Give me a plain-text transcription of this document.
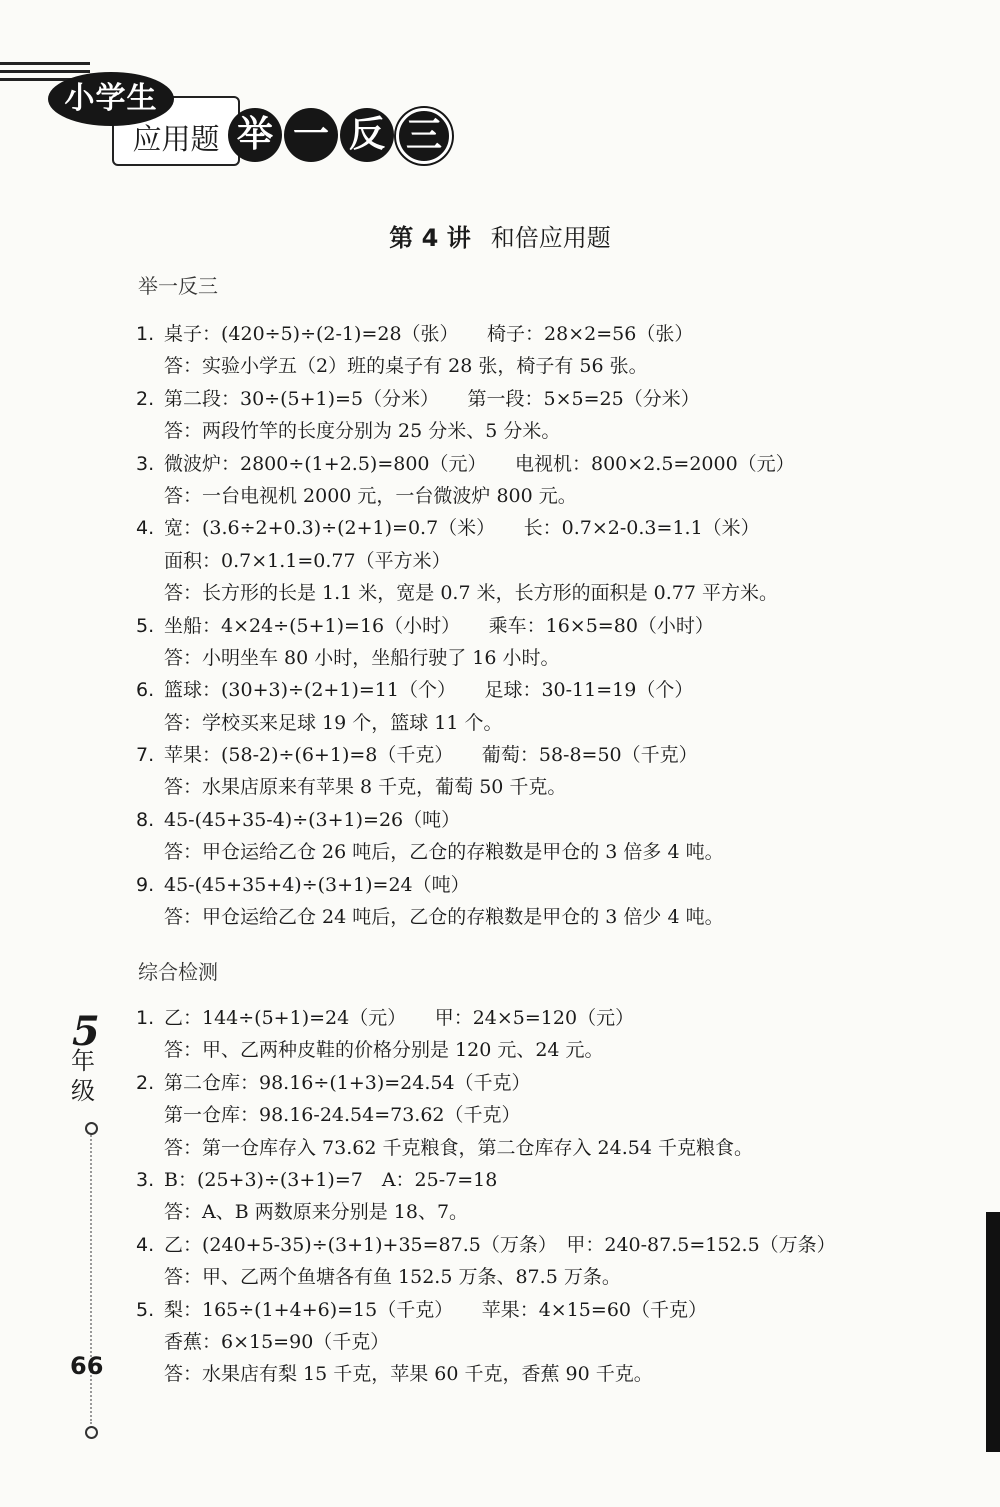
应用题
小学生
举 一 反 三
第 4 讲 和倍应用题
举一反三
1. 桌子：(420÷5)÷(2-1)=28（张）　　椅子：28×2=56（张）
答：实验小学五（2）班的桌子有 28 张，椅子有 56 张。
2. 第二段：30÷(5+1)=5（分米）　　第一段：5×5=25（分米）
答：两段竹竿的长度分别为 25 分米、5 分米。
3. 微波炉：2800÷(1+2.5)=800（元）　　电视机：800×2.5=2000（元）
答：一台电视机 2000 元，一台微波炉 800 元。
4. 宽：(3.6÷2+0.3)÷(2+1)=0.7（米）　　长：0.7×2-0.3=1.1（米）
面积：0.7×1.1=0.77（平方米）
答：长方形的长是 1.1 米，宽是 0.7 米，长方形的面积是 0.77 平方米。
5. 坐船：4×24÷(5+1)=16（小时）　　乘车：16×5=80（小时）
答：小明坐车 80 小时，坐船行驶了 16 小时。
6. 篮球：(30+3)÷(2+1)=11（个）　　足球：30-11=19（个）
答：学校买来足球 19 个，篮球 11 个。
7. 苹果：(58-2)÷(6+1)=8（千克）　　葡萄：58-8=50（千克）
答：水果店原来有苹果 8 千克，葡萄 50 千克。
8. 45-(45+35-4)÷(3+1)=26（吨）
答：甲仓运给乙仓 26 吨后，乙仓的存粮数是甲仓的 3 倍多 4 吨。
9. 45-(45+35+4)÷(3+1)=24（吨）
答：甲仓运给乙仓 24 吨后，乙仓的存粮数是甲仓的 3 倍少 4 吨。
综合检测
1. 乙：144÷(5+1)=24（元）　　甲：24×5=120（元）
答：甲、乙两种皮鞋的价格分别是 120 元、24 元。
2. 第二仓库：98.16÷(1+3)=24.54（千克）
第一仓库：98.16-24.54=73.62（千克）
答：第一仓库存入 73.62 千克粮食，第二仓库存入 24.54 千克粮食。
3. B：(25+3)÷(3+1)=7　A：25-7=18
答：A、B 两数原来分别是 18、7。
4. 乙：(240+5-35)÷(3+1)+35=87.5（万条）　甲：240-87.5=152.5（万条）
答：甲、乙两个鱼塘各有鱼 152.5 万条、87.5 万条。
5. 梨：165÷(1+4+6)=15（千克）　　苹果：4×15=60（千克）
香蕉：6×15=90（千克）
答：水果店有梨 15 千克，苹果 60 千克，香蕉 90 千克。
5
年级
66
